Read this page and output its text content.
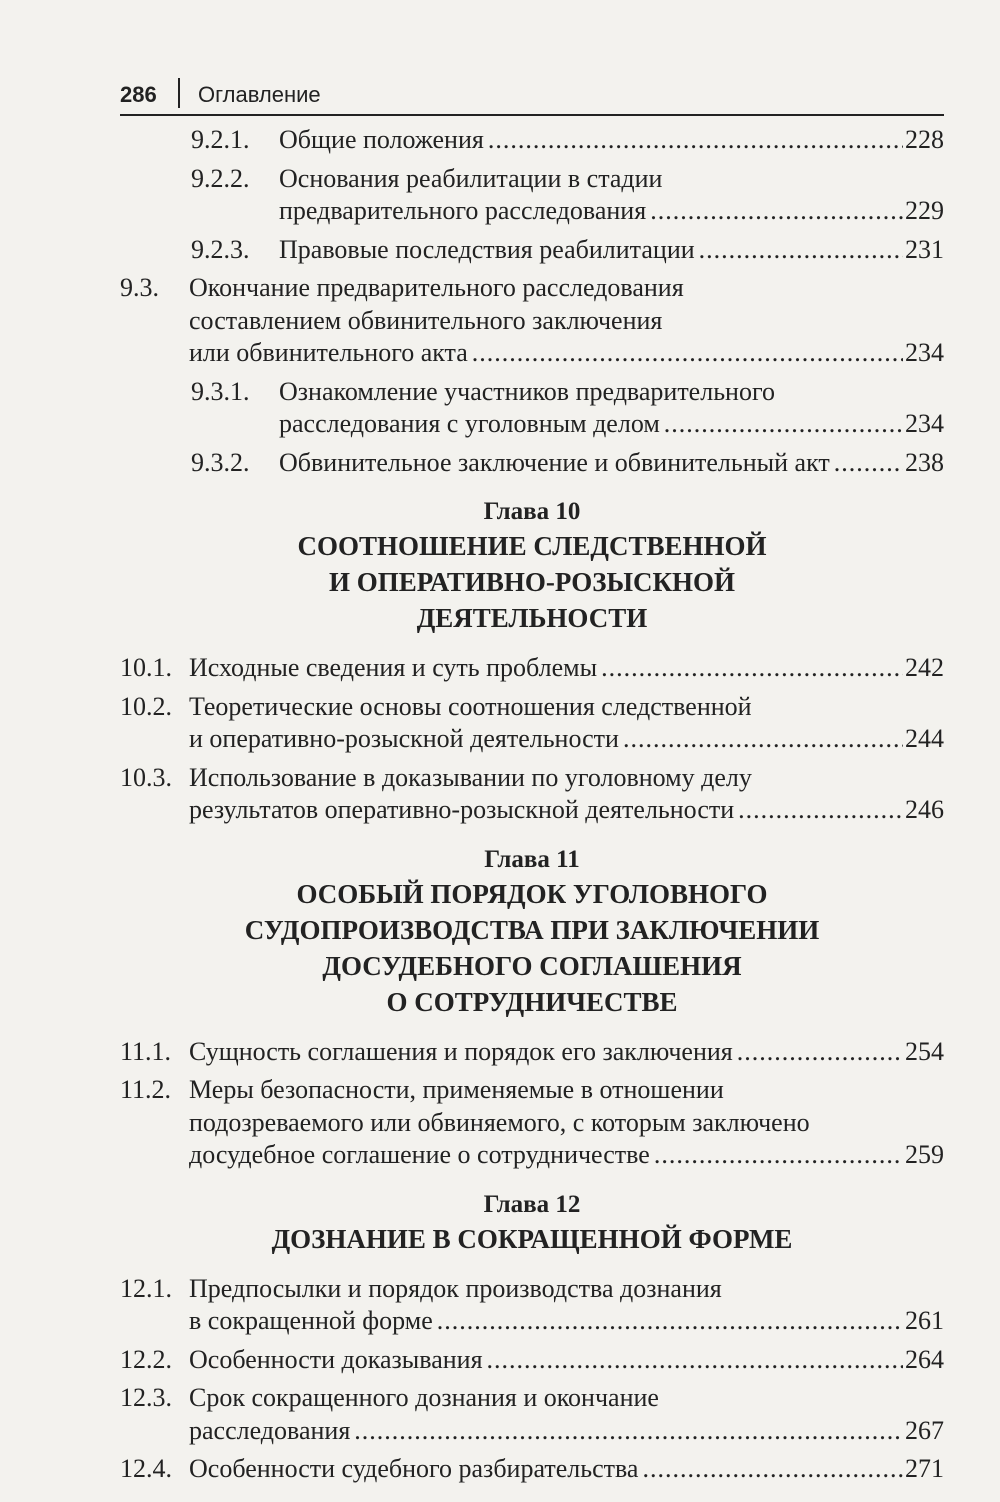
286 Оглавление
9.2.1. Общие положения .....	228
9.2.2. Основания реабилитации в стадии
предварительного расследования .....	229
9.2.3. Правовые последствия реабилитации .....	231
9.3. Окончание предварительного расследования
составлением обвинительного заключения
или обвинительного акта .....	234
9.3.1. Ознакомление участников предварительного
расследования с уголовным делом .....	234
9.3.2. Обвинительное заключение и обвинительный акт .....	238
Глава 10
СООТНОШЕНИЕ СЛЕДСТВЕННОЙ
И ОПЕРАТИВНО-РОЗЫСКНОЙ
ДЕЯТЕЛЬНОСТИ
10.1. Исходные сведения и суть проблемы .....	242
10.2. Теоретические основы соотношения следственной
и оперативно-розыскной деятельности .....	244
10.3. Использование в доказывании по уголовному делу
результатов оперативно-розыскной деятельности .....	246
Глава 11
ОСОБЫЙ ПОРЯДОК УГОЛОВНОГО
СУДОПРОИЗВОДСТВА ПРИ ЗАКЛЮЧЕНИИ
ДОСУДЕБНОГО СОГЛАШЕНИЯ
О СОТРУДНИЧЕСТВЕ
11.1. Сущность соглашения и порядок его заключения .....	254
11.2. Меры безопасности, применяемые в отношении
подозреваемого или обвиняемого, с которым заключено
досудебное соглашение о сотрудничестве .....	259
Глава 12
ДОЗНАНИЕ В СОКРАЩЕННОЙ ФОРМЕ
12.1. Предпосылки и порядок производства дознания
в сокращенной форме .....	261
12.2. Особенности доказывания .....	264
12.3. Срок сокращенного дознания и окончание
расследования .....	267
12.4. Особенности судебного разбирательства .....	271
